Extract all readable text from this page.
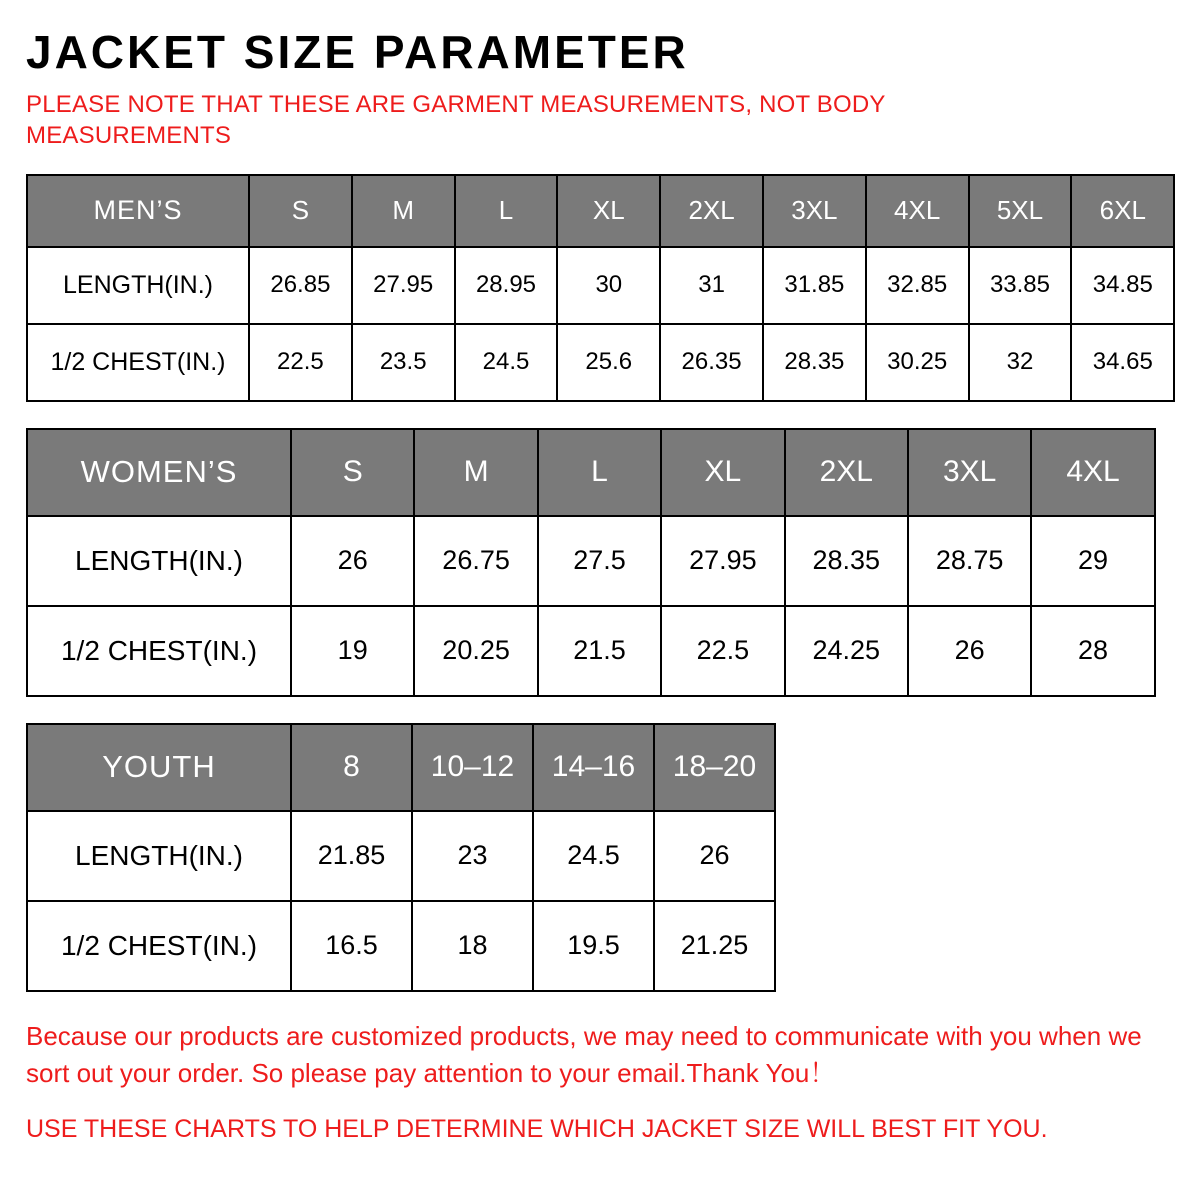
JACKET SIZE PARAMETER

PLEASE NOTE THAT THESE ARE GARMENT MEASUREMENTS, NOT BODY MEASUREMENTS

MEN’S	S	M	L	XL	2XL	3XL	4XL	5XL	6XL
LENGTH(IN.)	26.85	27.95	28.95	30	31	31.85	32.85	33.85	34.85
1/2 CHEST(IN.)	22.5	23.5	24.5	25.6	26.35	28.35	30.25	32	34.65
WOMEN’S	S	M	L	XL	2XL	3XL	4XL
LENGTH(IN.)	26	26.75	27.5	27.95	28.35	28.75	29
1/2 CHEST(IN.)	19	20.25	21.5	22.5	24.25	26	28
YOUTH	8	10–12	14–16	18–20
LENGTH(IN.)	21.85	23	24.5	26
1/2 CHEST(IN.)	16.5	18	19.5	21.25

Because our products are customized products, we may need to communicate with you when we sort out your order. So please pay attention to your email.Thank You！

USE THESE CHARTS TO HELP DETERMINE WHICH JACKET SIZE WILL BEST FIT YOU.
